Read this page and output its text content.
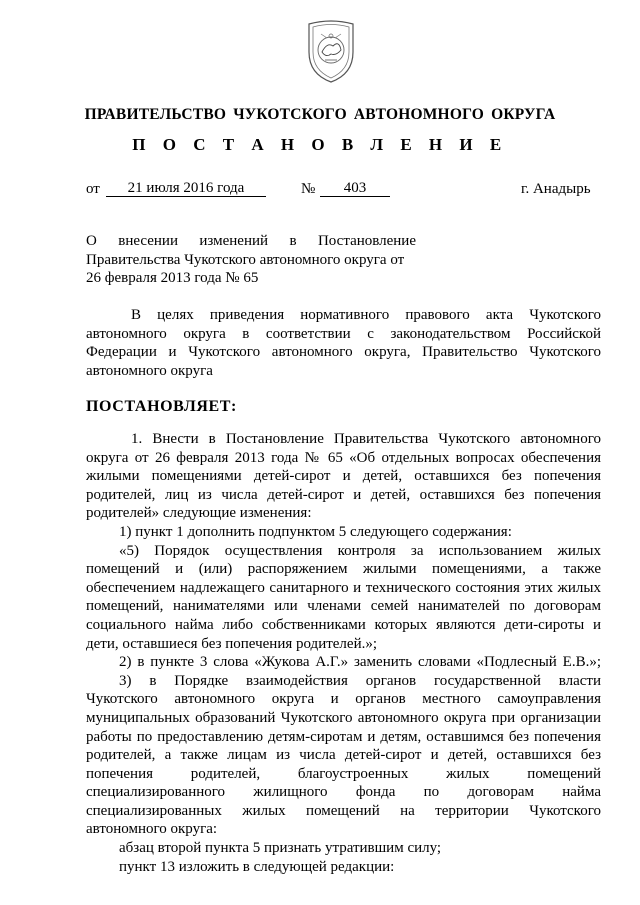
ПРАВИТЕЛЬСТВО ЧУКОТСКОГО АВТОНОМНОГО ОКРУГА
П О С Т А Н О В Л Е Н И Е
от	21 июля 2016 года	№	403	г. Анадырь
О внесении изменений в Постановление
Правительства Чукотского автономного округа от
26 февраля 2013 года № 65
В целях приведения нормативного правового акта Чукотского
автономного округа в соответствии с законодательством Российской
Федерации и Чукотского автономного округа, Правительство Чукотского
автономного округа
ПОСТАНОВЛЯЕТ:
1. Внести в Постановление Правительства Чукотского автономного
округа от 26 февраля 2013 года № 65 «Об отдельных вопросах обеспечения
жилыми помещениями детей-сирот и детей, оставшихся без попечения
родителей, лиц из числа детей-сирот и детей, оставшихся без попечения
родителей» следующие изменения:
1) пункт 1 дополнить подпунктом 5 следующего содержания:
«5) Порядок осуществления контроля за использованием жилых
помещений и (или) распоряжением жилыми помещениями, а также
обеспечением надлежащего санитарного и технического состояния этих жилых
помещений, нанимателями или членами семей нанимателей по договорам
социального найма либо собственниками которых являются дети-сироты и
дети, оставшиеся без попечения родителей.»;
2) в пункте 3 слова «Жукова А.Г.» заменить словами «Подлесный Е.В.»;
3) в Порядке взаимодействия органов государственной власти
Чукотского автономного округа и органов местного самоуправления
муниципальных образований Чукотского автономного округа при организации
работы по предоставлению детям-сиротам и детям, оставшимся без попечения
родителей, а также лицам из числа детей-сирот и детей, оставшихся без
попечения родителей, благоустроенных жилых помещений
специализированного жилищного фонда по договорам найма
специализированных жилых помещений на территории Чукотского
автономного округа:
абзац второй пункта 5 признать утратившим силу;
пункт 13 изложить в следующей редакции:
